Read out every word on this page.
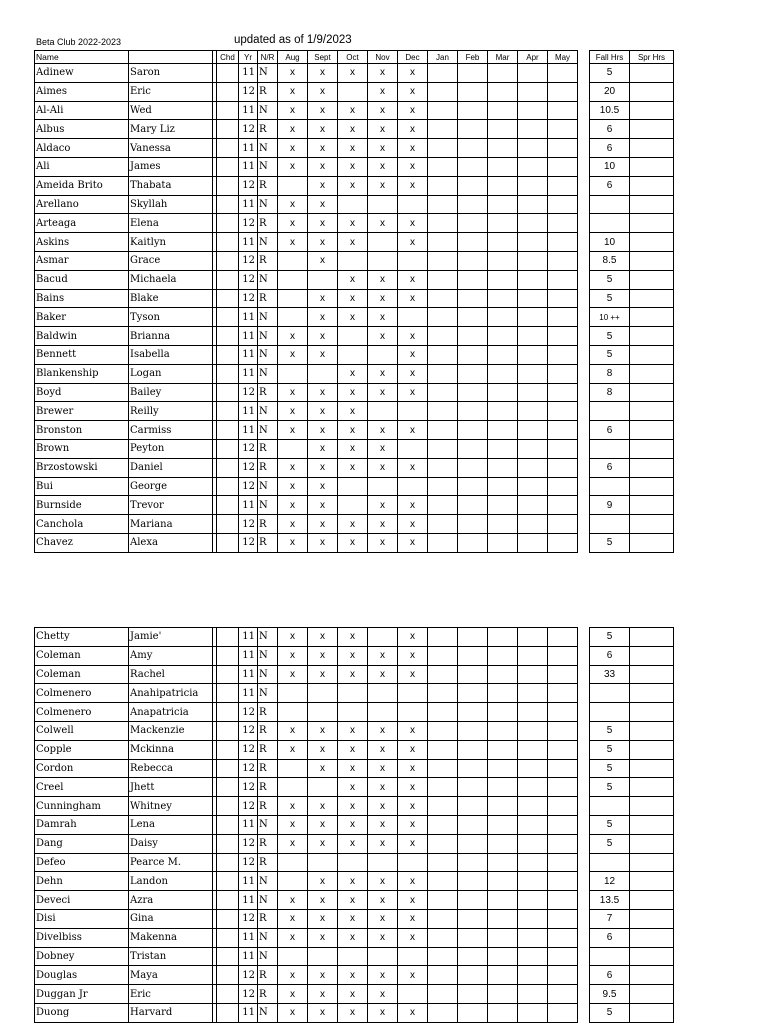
Beta Club 2022-2023	updated as of 1/9/2023
Name			Chd	Yr	N/R	Aug	Sept	Oct	Nov	Dec	Jan	Feb	Mar	Apr	May		Fall Hrs	Spr Hrs
Adinew	Saron			11	N	x	x	x	x	x							5	
Aimes	Eric			12	R	x	x		x	x							20	
Al-Ali	Wed			11	N	x	x	x	x	x							10.5	
Albus	Mary Liz			12	R	x	x	x	x	x							6	
Aldaco	Vanessa			11	N	x	x	x	x	x							6	
Ali	James			11	N	x	x	x	x	x							10	
Ameida Brito	Thabata			12	R		x	x	x	x							6	
Arellano	Skyllah			11	N	x	x											
Arteaga	Elena			12	R	x	x	x	x	x								
Askins	Kaitlyn			11	N	x	x	x		x							10	
Asmar	Grace			12	R		x										8.5	
Bacud	Michaela			12	N			x	x	x							5	
Bains	Blake			12	R		x	x	x	x							5	
Baker	Tyson			11	N		x	x	x								10 ++	
Baldwin	Brianna			11	N	x	x		x	x							5	
Bennett	Isabella			11	N	x	x			x							5	
Blankenship	Logan			11	N			x	x	x							8	
Boyd	Bailey			12	R	x	x	x	x	x							8	
Brewer	Reilly			11	N	x	x	x										
Bronston	Carmiss			11	N	x	x	x	x	x							6	
Brown	Peyton			12	R		x	x	x									
Brzostowski	Daniel			12	R	x	x	x	x	x							6	
Bui	George			12	N	x	x											
Burnside	Trevor			11	N	x	x		x	x							9	
Canchola	Mariana			12	R	x	x	x	x	x								
Chavez	Alexa			12	R	x	x	x	x	x							5	
Chetty	Jamie'			11	N	x	x	x		x							5	
Coleman	Amy			11	N	x	x	x	x	x							6	
Coleman	Rachel			11	N	x	x	x	x	x							33	
Colmenero	Anahipatricia			11	N													
Colmenero	Anapatricia			12	R													
Colwell	Mackenzie			12	R	x	x	x	x	x							5	
Copple	Mckinna			12	R	x	x	x	x	x							5	
Cordon	Rebecca			12	R		x	x	x	x							5	
Creel	Jhett			12	R			x	x	x							5	
Cunningham	Whitney			12	R	x	x	x	x	x								
Damrah	Lena			11	N	x	x	x	x	x							5	
Dang	Daisy			12	R	x	x	x	x	x							5	
Defeo	Pearce M.			12	R													
Dehn	Landon			11	N		x	x	x	x							12	
Deveci	Azra			11	N	x	x	x	x	x							13.5	
Disi	Gina			12	R	x	x	x	x	x							7	
Divelbiss	Makenna			11	N	x	x	x	x	x							6	
Dobney	Tristan			11	N													
Douglas	Maya			12	R	x	x	x	x	x							6	
Duggan Jr	Eric			12	R	x	x	x	x								9.5	
Duong	Harvard			11	N	x	x	x	x	x							5	
